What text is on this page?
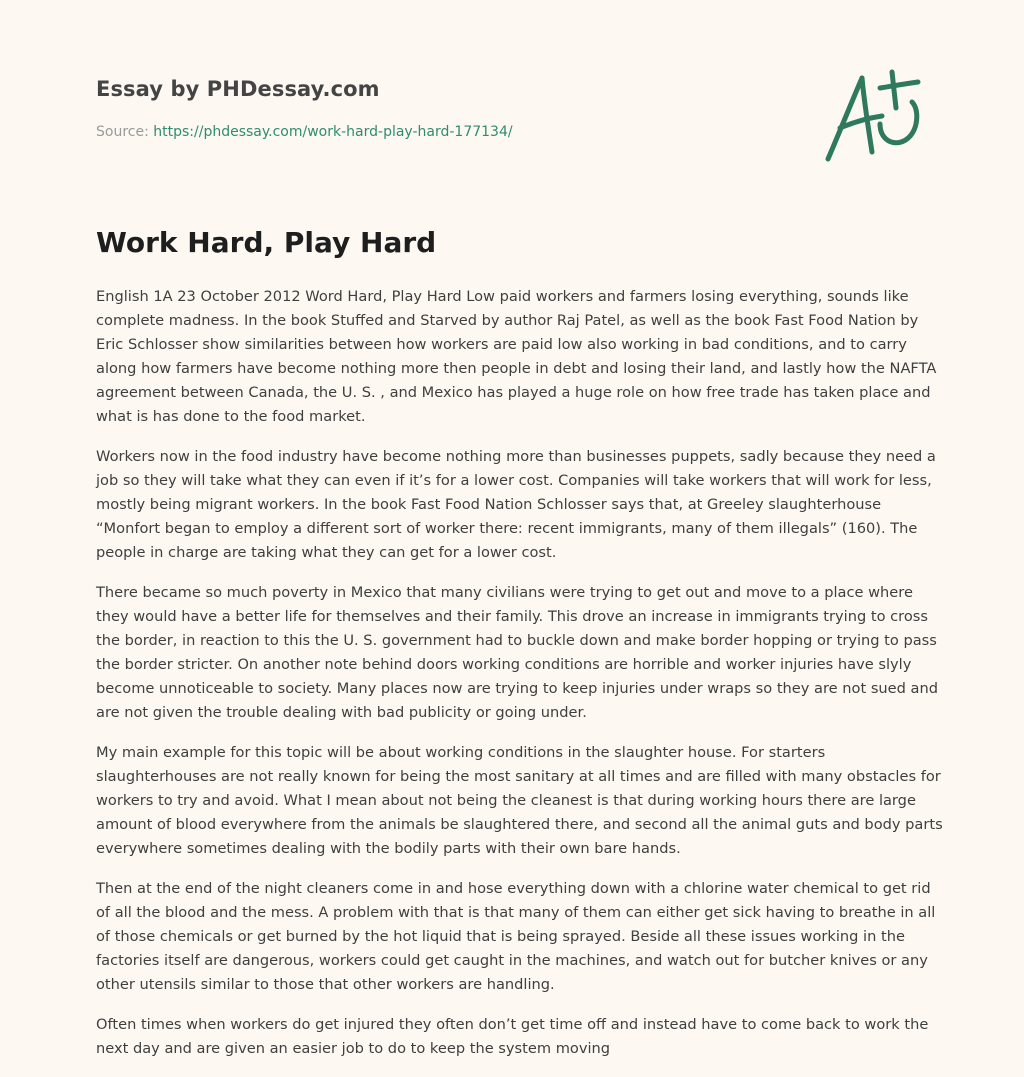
Essay by PHDessay.com

Source: https://phdessay.com/work-hard-play-hard-177134/

Work Hard, Play Hard

English 1A 23 October 2012 Word Hard, Play Hard Low paid workers and farmers losing everything, sounds like complete madness. In the book Stuffed and Starved by author Raj Patel, as well as the book Fast Food Nation by Eric Schlosser show similarities between how workers are paid low also working in bad conditions, and to carry along how farmers have become nothing more then people in debt and losing their land, and lastly how the NAFTA agreement between Canada, the U. S. , and Mexico has played a huge role on how free trade has taken place and what is has done to the food market.

Workers now in the food industry have become nothing more than businesses puppets, sadly because they need a job so they will take what they can even if it’s for a lower cost. Companies will take workers that will work for less, mostly being migrant workers. In the book Fast Food Nation Schlosser says that, at Greeley slaughterhouse “Monfort began to employ a different sort of worker there: recent immigrants, many of them illegals” (160). The people in charge are taking what they can get for a lower cost.

There became so much poverty in Mexico that many civilians were trying to get out and move to a place where they would have a better life for themselves and their family. This drove an increase in immigrants trying to cross the border, in reaction to this the U. S. government had to buckle down and make border hopping or trying to pass the border stricter. On another note behind doors working conditions are horrible and worker injuries have slyly become unnoticeable to society. Many places now are trying to keep injuries under wraps so they are not sued and are not given the trouble dealing with bad publicity or going under.

My main example for this topic will be about working conditions in the slaughter house. For starters slaughterhouses are not really known for being the most sanitary at all times and are filled with many obstacles for workers to try and avoid. What I mean about not being the cleanest is that during working hours there are large amount of blood everywhere from the animals be slaughtered there, and second all the animal guts and body parts everywhere sometimes dealing with the bodily parts with their own bare hands.

Then at the end of the night cleaners come in and hose everything down with a chlorine water chemical to get rid of all the blood and the mess. A problem with that is that many of them can either get sick having to breathe in all of those chemicals or get burned by the hot liquid that is being sprayed. Beside all these issues working in the factories itself are dangerous, workers could get caught in the machines, and watch out for butcher knives or any other utensils similar to those that other workers are handling.

Often times when workers do get injured they often don’t get time off and instead have to come back to work the next day and are given an easier job to do to keep the system moving
